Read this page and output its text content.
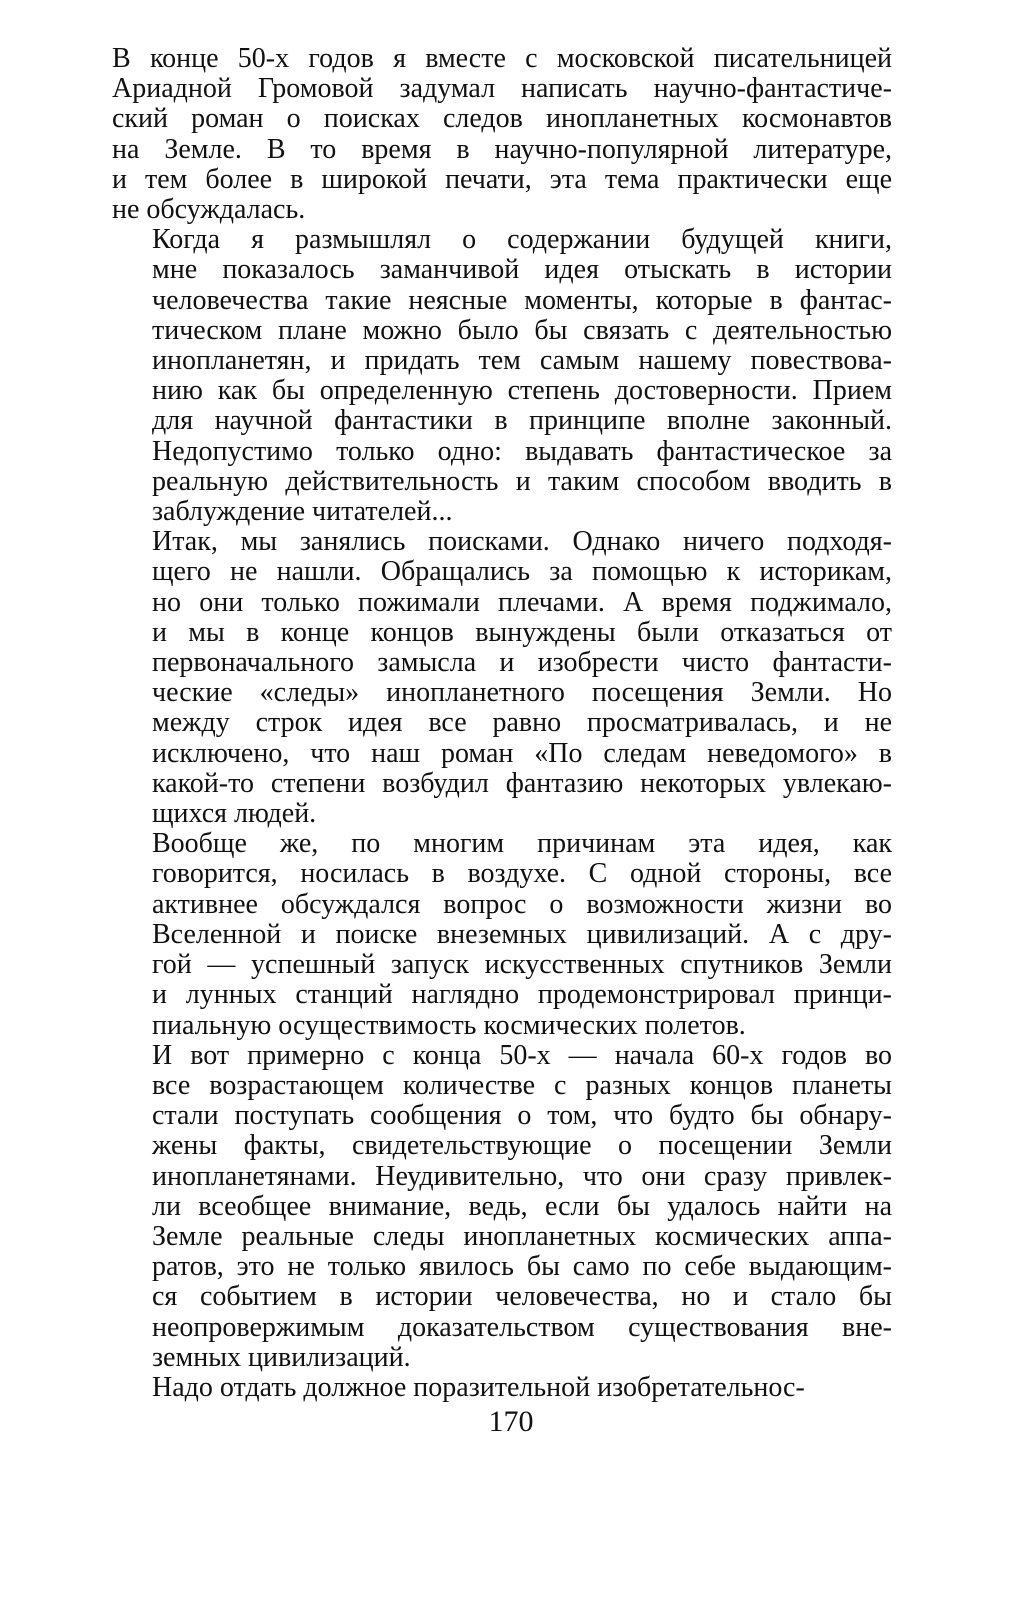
В конце 50-х годов я вместе с московской писательницей
Ариадной Громовой задумал написать научно-фантастиче-
ский роман о поисках следов инопланетных космонавтов
на Земле. В то время в научно-популярной литературе,
и тем более в широкой печати, эта тема практически еще
не обсуждалась.

Когда я размышлял о содержании будущей книги,
мне показалось заманчивой идея отыскать в истории
человечества такие неясные моменты, которые в фантас-
тическом плане можно было бы связать с деятельностью
инопланетян, и придать тем самым нашему повествова-
нию как бы определенную степень достоверности. Прием
для научной фантастики в принципе вполне законный.
Недопустимо только одно: выдавать фантастическое за
реальную действительность и таким способом вводить в
заблуждение читателей...

Итак, мы занялись поисками. Однако ничего подходя-
щего не нашли. Обращались за помощью к историкам,
но они только пожимали плечами. А время поджимало,
и мы в конце концов вынуждены были отказаться от
первоначального замысла и изобрести чисто фантасти-
ческие «следы» инопланетного посещения Земли. Но
между строк идея все равно просматривалась, и не
исключено, что наш роман «По следам неведомого» в
какой-то степени возбудил фантазию некоторых увлекаю-
щихся людей.

Вообще же, по многим причинам эта идея, как
говорится, носилась в воздухе. С одной стороны, все
активнее обсуждался вопрос о возможности жизни во
Вселенной и поиске внеземных цивилизаций. А с дру-
гой — успешный запуск искусственных спутников Земли
и лунных станций наглядно продемонстрировал принци-
пиальную осуществимость космических полетов.

И вот примерно с конца 50-х — начала 60-х годов во
все возрастающем количестве с разных концов планеты
стали поступать сообщения о том, что будто бы обнару-
жены факты, свидетельствующие о посещении Земли
инопланетянами. Неудивительно, что они сразу привлек-
ли всеобщее внимание, ведь, если бы удалось найти на
Земле реальные следы инопланетных космических аппа-
ратов, это не только явилось бы само по себе выдающим-
ся событием в истории человечества, но и стало бы
неопровержимым доказательством существования вне-
земных цивилизаций.

Надо отдать должное поразительной изобретательнос-

170
